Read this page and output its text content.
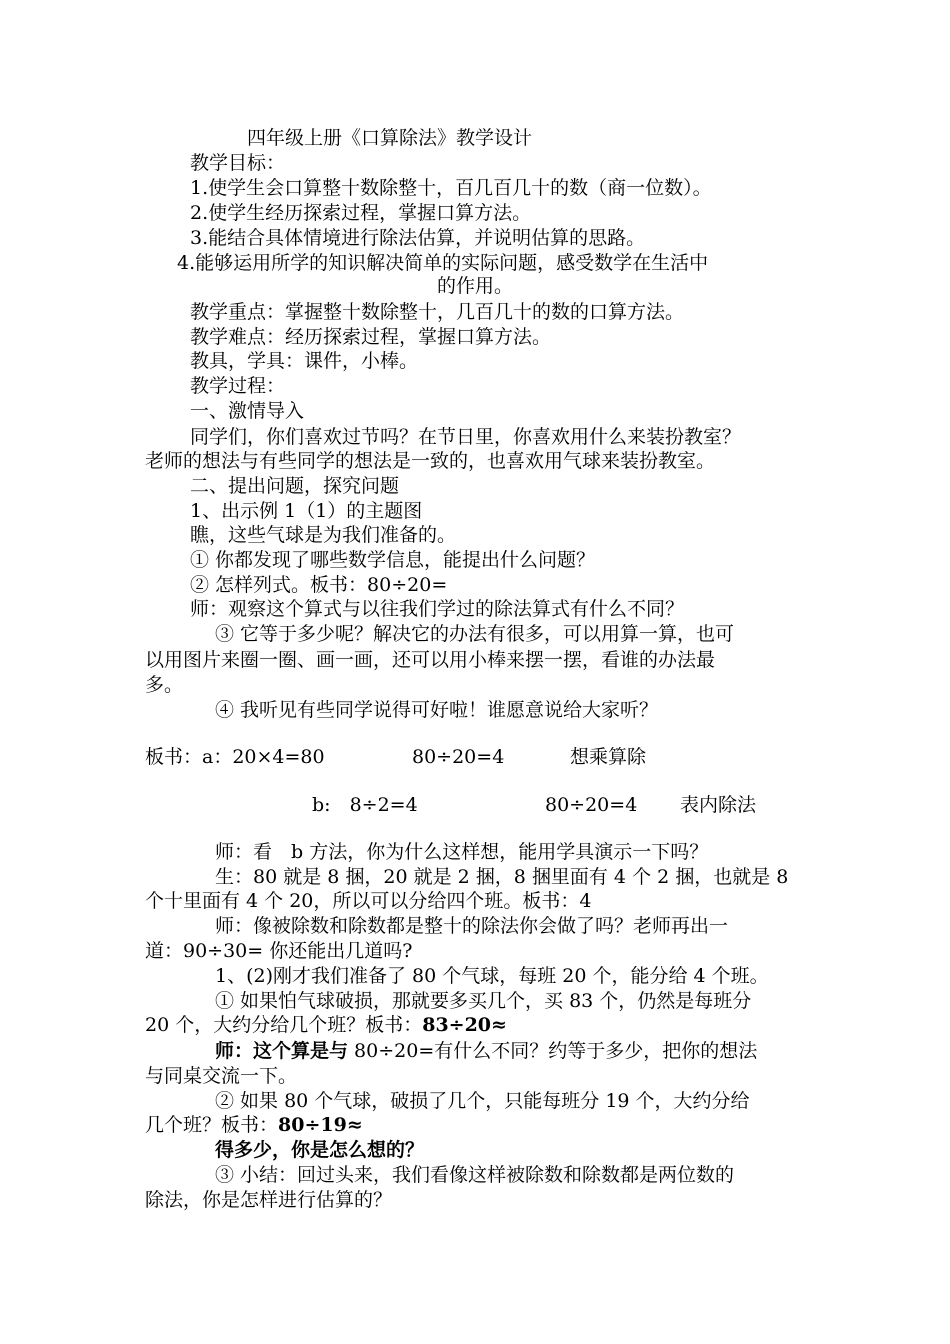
四年级上册《口算除法》教学设计
教学目标：
1.使学生会口算整十数除整十，百几百几十的数（商一位数）。
2.使学生经历探索过程，掌握口算方法。
3.能结合具体情境进行除法估算，并说明估算的思路。
4.能够运用所学的知识解决简单的实际问题，感受数学在生活中
的作用。
教学重点：掌握整十数除整十，几百几十的数的口算方法。
教学难点：经历探索过程，掌握口算方法。
教具，学具：课件，小棒。
教学过程：
一、激情导入
同学们，你们喜欢过节吗？在节日里，你喜欢用什么来装扮教室？
老师的想法与有些同学的想法是一致的，也喜欢用气球来装扮教室。
二、提出问题，探究问题
1、出示例 1（1）的主题图
瞧，这些气球是为我们准备的。
① 你都发现了哪些数学信息，能提出什么问题？
② 怎样列式。板书：80÷20=
师：观察这个算式与以往我们学过的除法算式有什么不同？
③ 它等于多少呢？解决它的办法有很多，可以用算一算，也可
以用图片来圈一圈、画一画，还可以用小棒来摆一摆，看谁的办法最
多。
④ 我听见有些同学说得可好啦！谁愿意说给大家听？
板书：a：20×4=80	80÷20=4	想乘算除
b:　8÷2=4	80÷20=4 表内除法
师：看　b 方法，你为什么这样想，能用学具演示一下吗？
生：80 就是 8 捆，20 就是 2 捆，8 捆里面有 4 个 2 捆，也就是 8
个十里面有 4 个 20，所以可以分给四个班。板书：4
师：像被除数和除数都是整十的除法你会做了吗？老师再出一
道：90÷30= 你还能出几道吗?
1、(2)刚才我们准备了 80 个气球，每班 20 个，能分给 4 个班。
① 如果怕气球破损，那就要多买几个，买 83 个，仍然是每班分
20 个，大约分给几个班？板书：83÷20≈
师：这个算是与 80÷20=有什么不同？约等于多少，把你的想法
与同桌交流一下。
② 如果 80 个气球，破损了几个，只能每班分 19 个，大约分给
几个班？板书：80÷19≈
得多少，你是怎么想的？
③ 小结：回过头来，我们看像这样被除数和除数都是两位数的
除法，你是怎样进行估算的？
